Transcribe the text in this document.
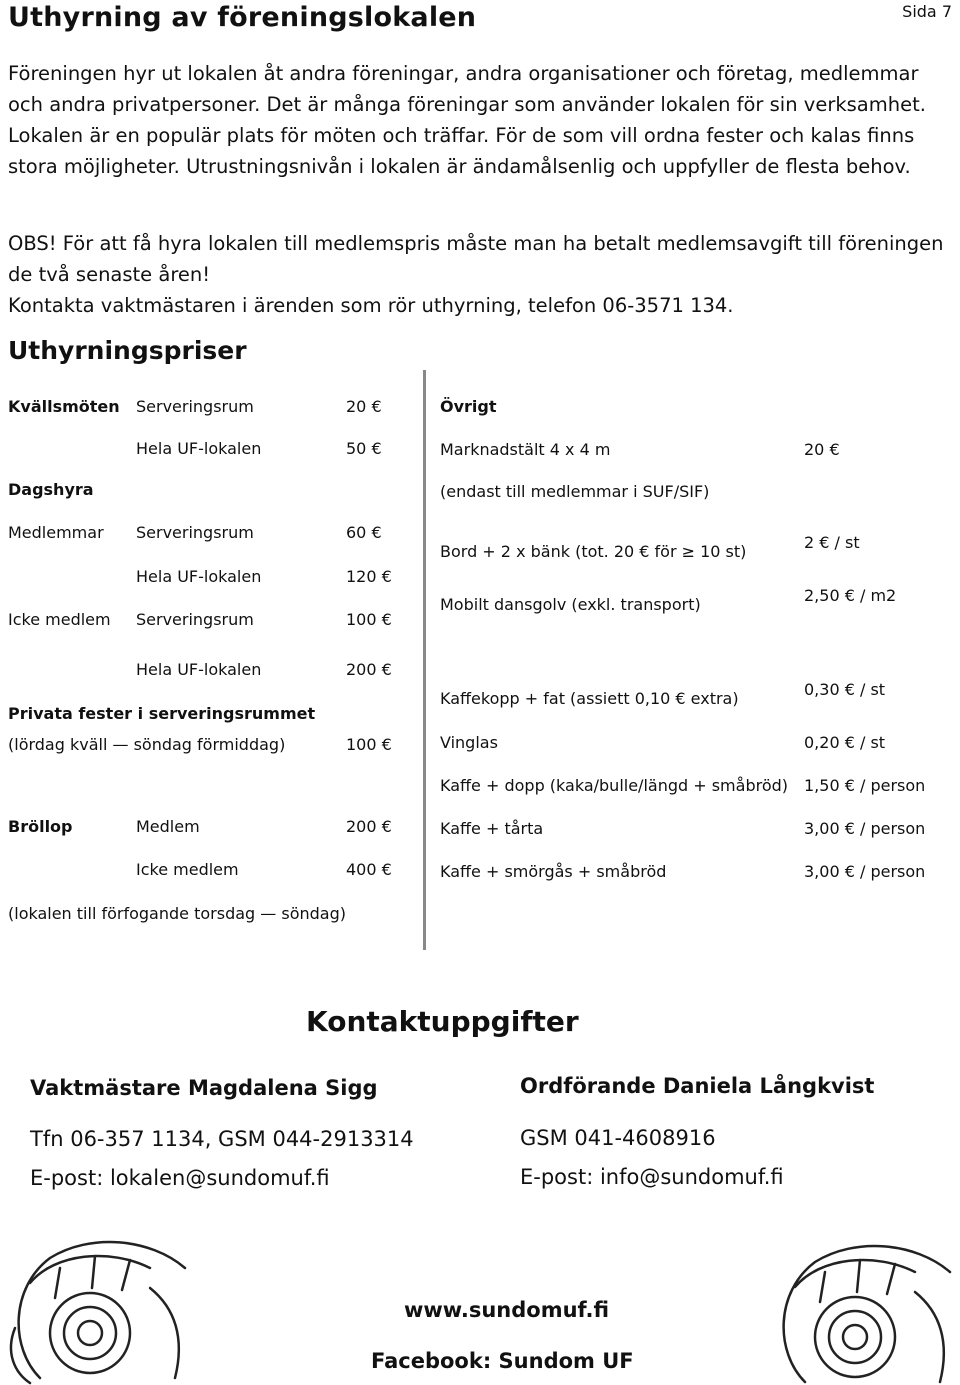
Uthyrning av föreningslokalen	Sida 7
Föreningen hyr ut lokalen åt andra föreningar, andra organisationer och företag, medlemmar och andra privatpersoner. Det är många föreningar som använder lokalen för sin verksamhet. Lokalen är en populär plats för möten och träffar. För de som vill ordna fester och kalas finns stora möjligheter. Utrustningsnivån i lokalen är ändamålsenlig och uppfyller de flesta behov.
OBS! För att få hyra lokalen till medlemspris måste man ha betalt medlemsavgift till föreningen de två senaste åren!
Kontakta vaktmästaren i ärenden som rör uthyrning, telefon 06-3571 134.
Uthyrningspriser
Kvällsmöten Serveringsrum	20 €
Hela UF-lokalen	50 €
Dagshyra
Medlemmar Serveringsrum	60 €
Hela UF-lokalen	120 €
Icke medlem Serveringsrum	100 €
Hela UF-lokalen	200 €
Privata fester i serveringsrummet
(lördag kväll — söndag förmiddag)	100 €
Bröllop	Medlem	200 €
Icke medlem	400 €
(lokalen till förfogande torsdag — söndag)
Övrigt
Marknadstält 4 x 4 m	20 €
(endast till medlemmar i SUF/SIF)
Bord + 2 x bänk (tot. 20 € för ≥ 10 st)	2 € / st
Mobilt dansgolv (exkl. transport)	2,50 € / m2
Kaffekopp + fat (assiett 0,10 € extra)	0,30 € / st
Vinglas	0,20 € / st
Kaffe + dopp (kaka/bulle/längd + småbröd) 1,50 € / person
Kaffe + tårta	3,00 € / person
Kaffe + smörgås + småbröd	3,00 € / person
Kontaktuppgifter
Vaktmästare Magdalena Sigg
Tfn 06-357 1134, GSM 044-2913314
E-post: lokalen@sundomuf.fi
Ordförande Daniela Långkvist
GSM 041-4608916
E-post: info@sundomuf.fi
www.sundomuf.fi
Facebook: Sundom UF
